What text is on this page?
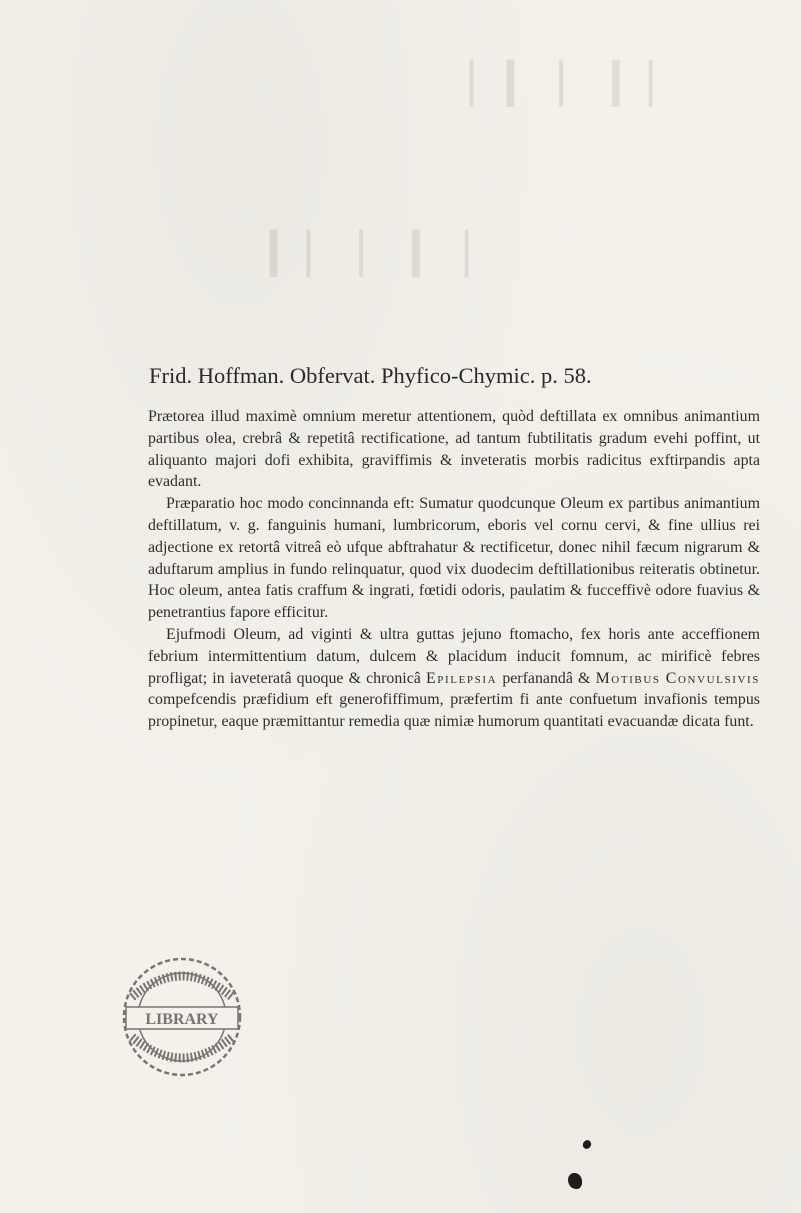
▏▎ ▏ ▎▏
▎▏ ▏ ▎ ▏
Frid. Hoffman. Obfervat. Phyfico-Chymic. p. 58.

Prætorea illud maximè omnium meretur attentionem, quòd deftillata ex omnibus animantium partibus olea, crebrâ & repetitâ rectificatione, ad tantum fubtilitatis gradum evehi poffint, ut aliquanto majori dofi exhibita, graviffimis & inveteratis morbis radicitus exftirpandis apta evadant.

Præparatio hoc modo concinnanda eft: Sumatur quodcunque Oleum ex partibus animantium deftillatum, v. g. fanguinis humani, lumbricorum, eboris vel cornu cervi, & fine ullius rei adjectione ex retortâ vitreâ eò ufque abftrahatur & rectificetur, donec nihil fæcum nigrarum & aduftarum amplius in fundo relinquatur, quod vix duodecim deftillationibus reiteratis obtinetur. Hoc oleum, antea fatis craffum & ingrati, fœtidi odoris, paulatim & fucceffivè odore fuavius & penetrantius fapore efficitur.

Ejufmodi Oleum, ad viginti & ultra guttas jejuno ftomacho, fex horis ante acceffionem febrium intermittentium datum, dulcem & placidum inducit fomnum, ac mirificè febres profligat; in iaveteratâ quoque & chronicâ Epilepsia perfanandâ & Motibus Convulsivis compefcendis præfidium eft generofiffimum, præfertim fi ante confuetum invafionis tempus propinetur, eaque præmittantur remedia quæ nimiæ humorum quantitati evacuandæ dicata funt.

LIBRARY
